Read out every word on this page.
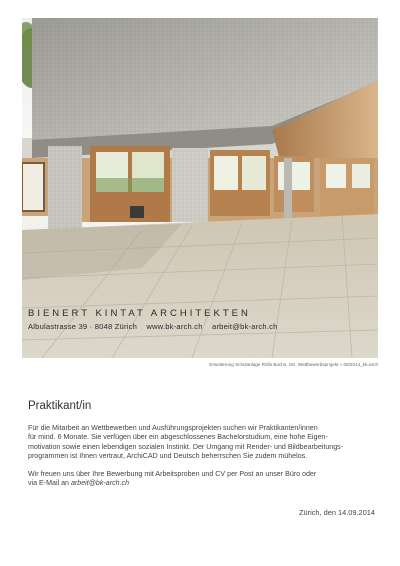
BIENERT KINTAT ARCHITEKTEN
Albulastrasse 39 · 8048 Zürich www.bk-arch.ch arbeit@bk-arch.ch
Erweiterung Schulanlage Röfis Buchs, SG, Wettbewerbsprojekt » 08/2014_bk-arch
Praktikant/in

Für die Mitarbeit an Wettbewerben und Ausführungsprojekten suchen wir Praktikanten/innen
für mind. 6 Monate. Sie verfügen über ein abgeschlossenes Bachelorstudium, eine hohe Eigen-
motivation sowie einen lebendigen sozialen Instinkt. Der Umgang mit Render- und Bildbearbeitungs-
programmen ist Ihnen vertraut, ArchiCAD und Deutsch beherrschen Sie zudem mühelos.

Wir freuen uns über Ihre Bewerbung mit Arbeitsproben und CV per Post an unser Büro oder
via E-Mail an arbeit@bk-arch.ch

Zürich, den 14.09.2014
